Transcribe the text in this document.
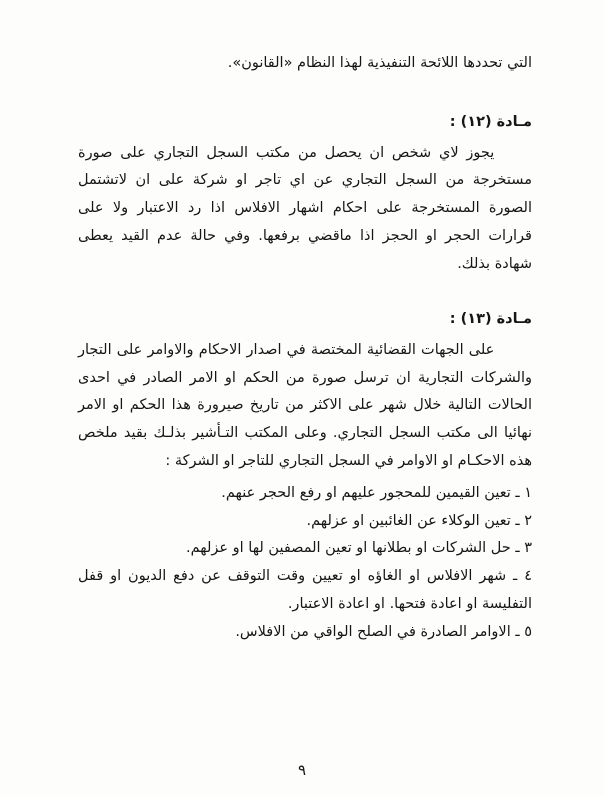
التي تحددها اللائحة التنفيذية لهذا النظام «القانون».

مـادة (١٢) :

يجوز لاي شخص ان يحصل من مكتب السجل التجاري على صورة مستخرجة من السجل التجاري عن اي تاجر او شركة على ان لاتشتمل الصورة المستخرجة على احكام اشهار الافلاس اذا رد الاعتبار ولا على قرارات الحجر او الحجز اذا ماقضي برفعها. وفي حالة عدم القيد يعطى شهادة بذلك.

مـادة (١٣) :

على الجهات القضائية المختصة في اصدار الاحكام والاوامر على التجار والشركات التجارية ان ترسل صورة من الحكم او الامر الصادر في احدى الحالات التالية خلال شهر على الاكثر من تاريخ صيرورة هذا الحكم او الامر نهائيا الى مكتب السجل التجاري. وعلى المكتب التـأشير بذلـك بقيد ملخص هذه الاحكـام او الاوامر في السجل التجاري للتاجر او الشركة :

١ ـ تعين القيمين للمحجور عليهم او رفع الحجر عنهم.
٢ ـ تعين الوكلاء عن الغائبين او عزلهم.
٣ ـ حل الشركات او بطلانها او تعين المصفين لها او عزلهم.
٤ ـ شهر الافلاس او الغاؤه او تعيين وقت التوقف عن دفع الديون او قفل التفليسة او اعادة فتحها. او اعادة الاعتبار.
٥ ـ الاوامر الصادرة في الصلح الواقي من الافلاس.
٩
